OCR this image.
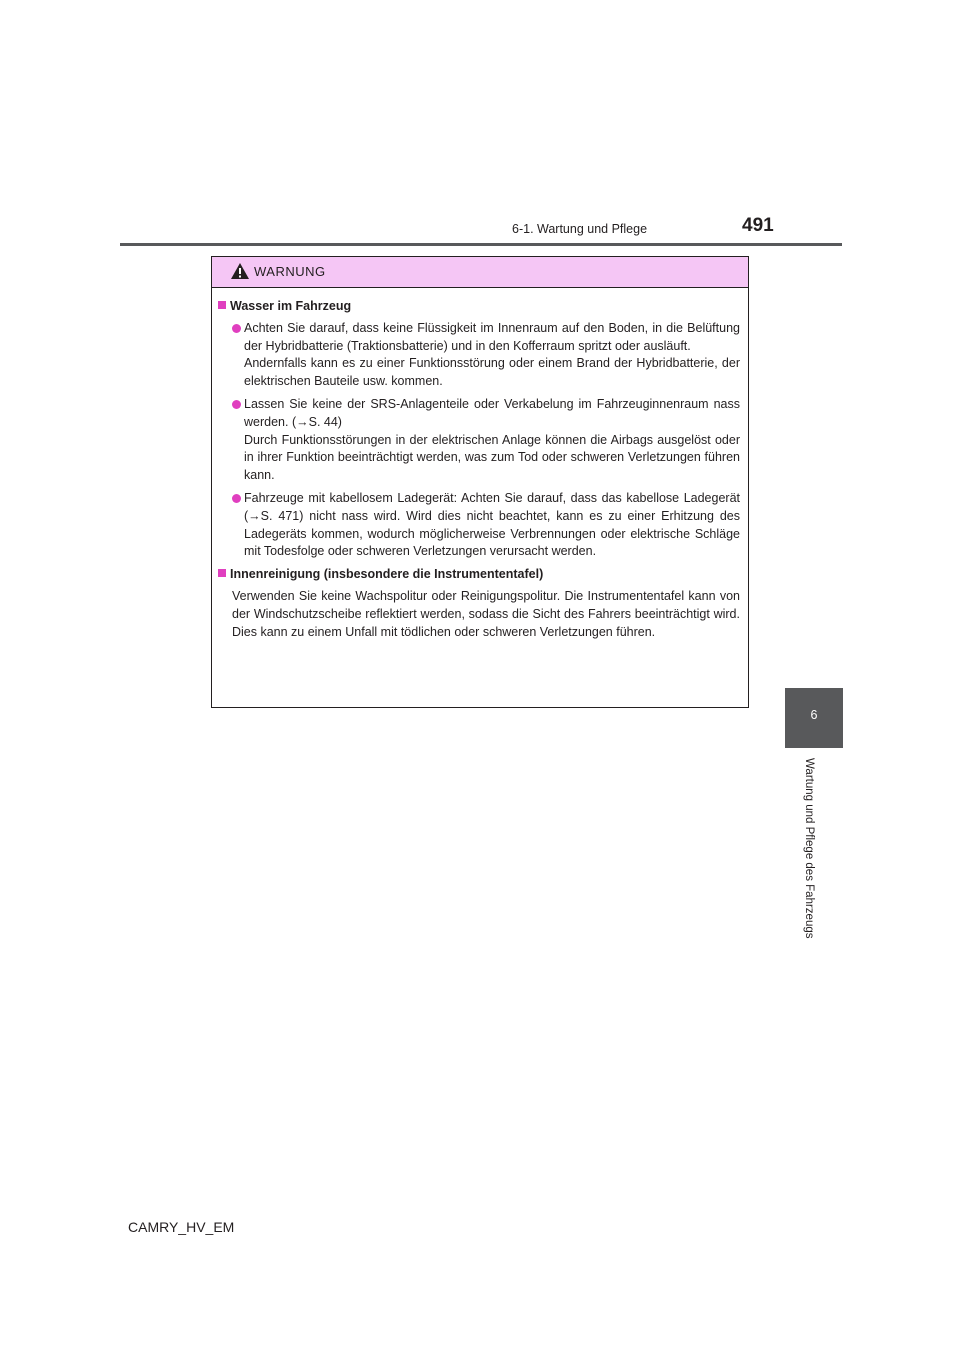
6-1. Wartung und Pflege	491
6
Wartung und Pflege des Fahrzeugs
WARNUNG
Wasser im Fahrzeug
Achten Sie darauf, dass keine Flüssigkeit im Innenraum auf den Boden, in die Belüftung der Hybridbatterie (Traktionsbatterie) und in den Kofferraum spritzt oder ausläuft.
Andernfalls kann es zu einer Funktionsstörung oder einem Brand der Hybridbatterie, der elektrischen Bauteile usw. kommen.
Lassen Sie keine der SRS-Anlagenteile oder Verkabelung im Fahrzeuginnenraum nass werden. (→S. 44)
Durch Funktionsstörungen in der elektrischen Anlage können die Airbags ausgelöst oder in ihrer Funktion beeinträchtigt werden, was zum Tod oder schweren Verletzungen führen kann.
Fahrzeuge mit kabellosem Ladegerät: Achten Sie darauf, dass das kabellose Ladegerät (→S. 471) nicht nass wird. Wird dies nicht beachtet, kann es zu einer Erhitzung des Ladegeräts kommen, wodurch möglicherweise Verbrennungen oder elektrische Schläge mit Todesfolge oder schweren Verletzungen verursacht werden.
Innenreinigung (insbesondere die Instrumententafel)
Verwenden Sie keine Wachspolitur oder Reinigungspolitur. Die Instrumententafel kann von der Windschutzscheibe reflektiert werden, sodass die Sicht des Fahrers beeinträchtigt wird. Dies kann zu einem Unfall mit tödlichen oder schweren Verletzungen führen.
CAMRY_HV_EM
